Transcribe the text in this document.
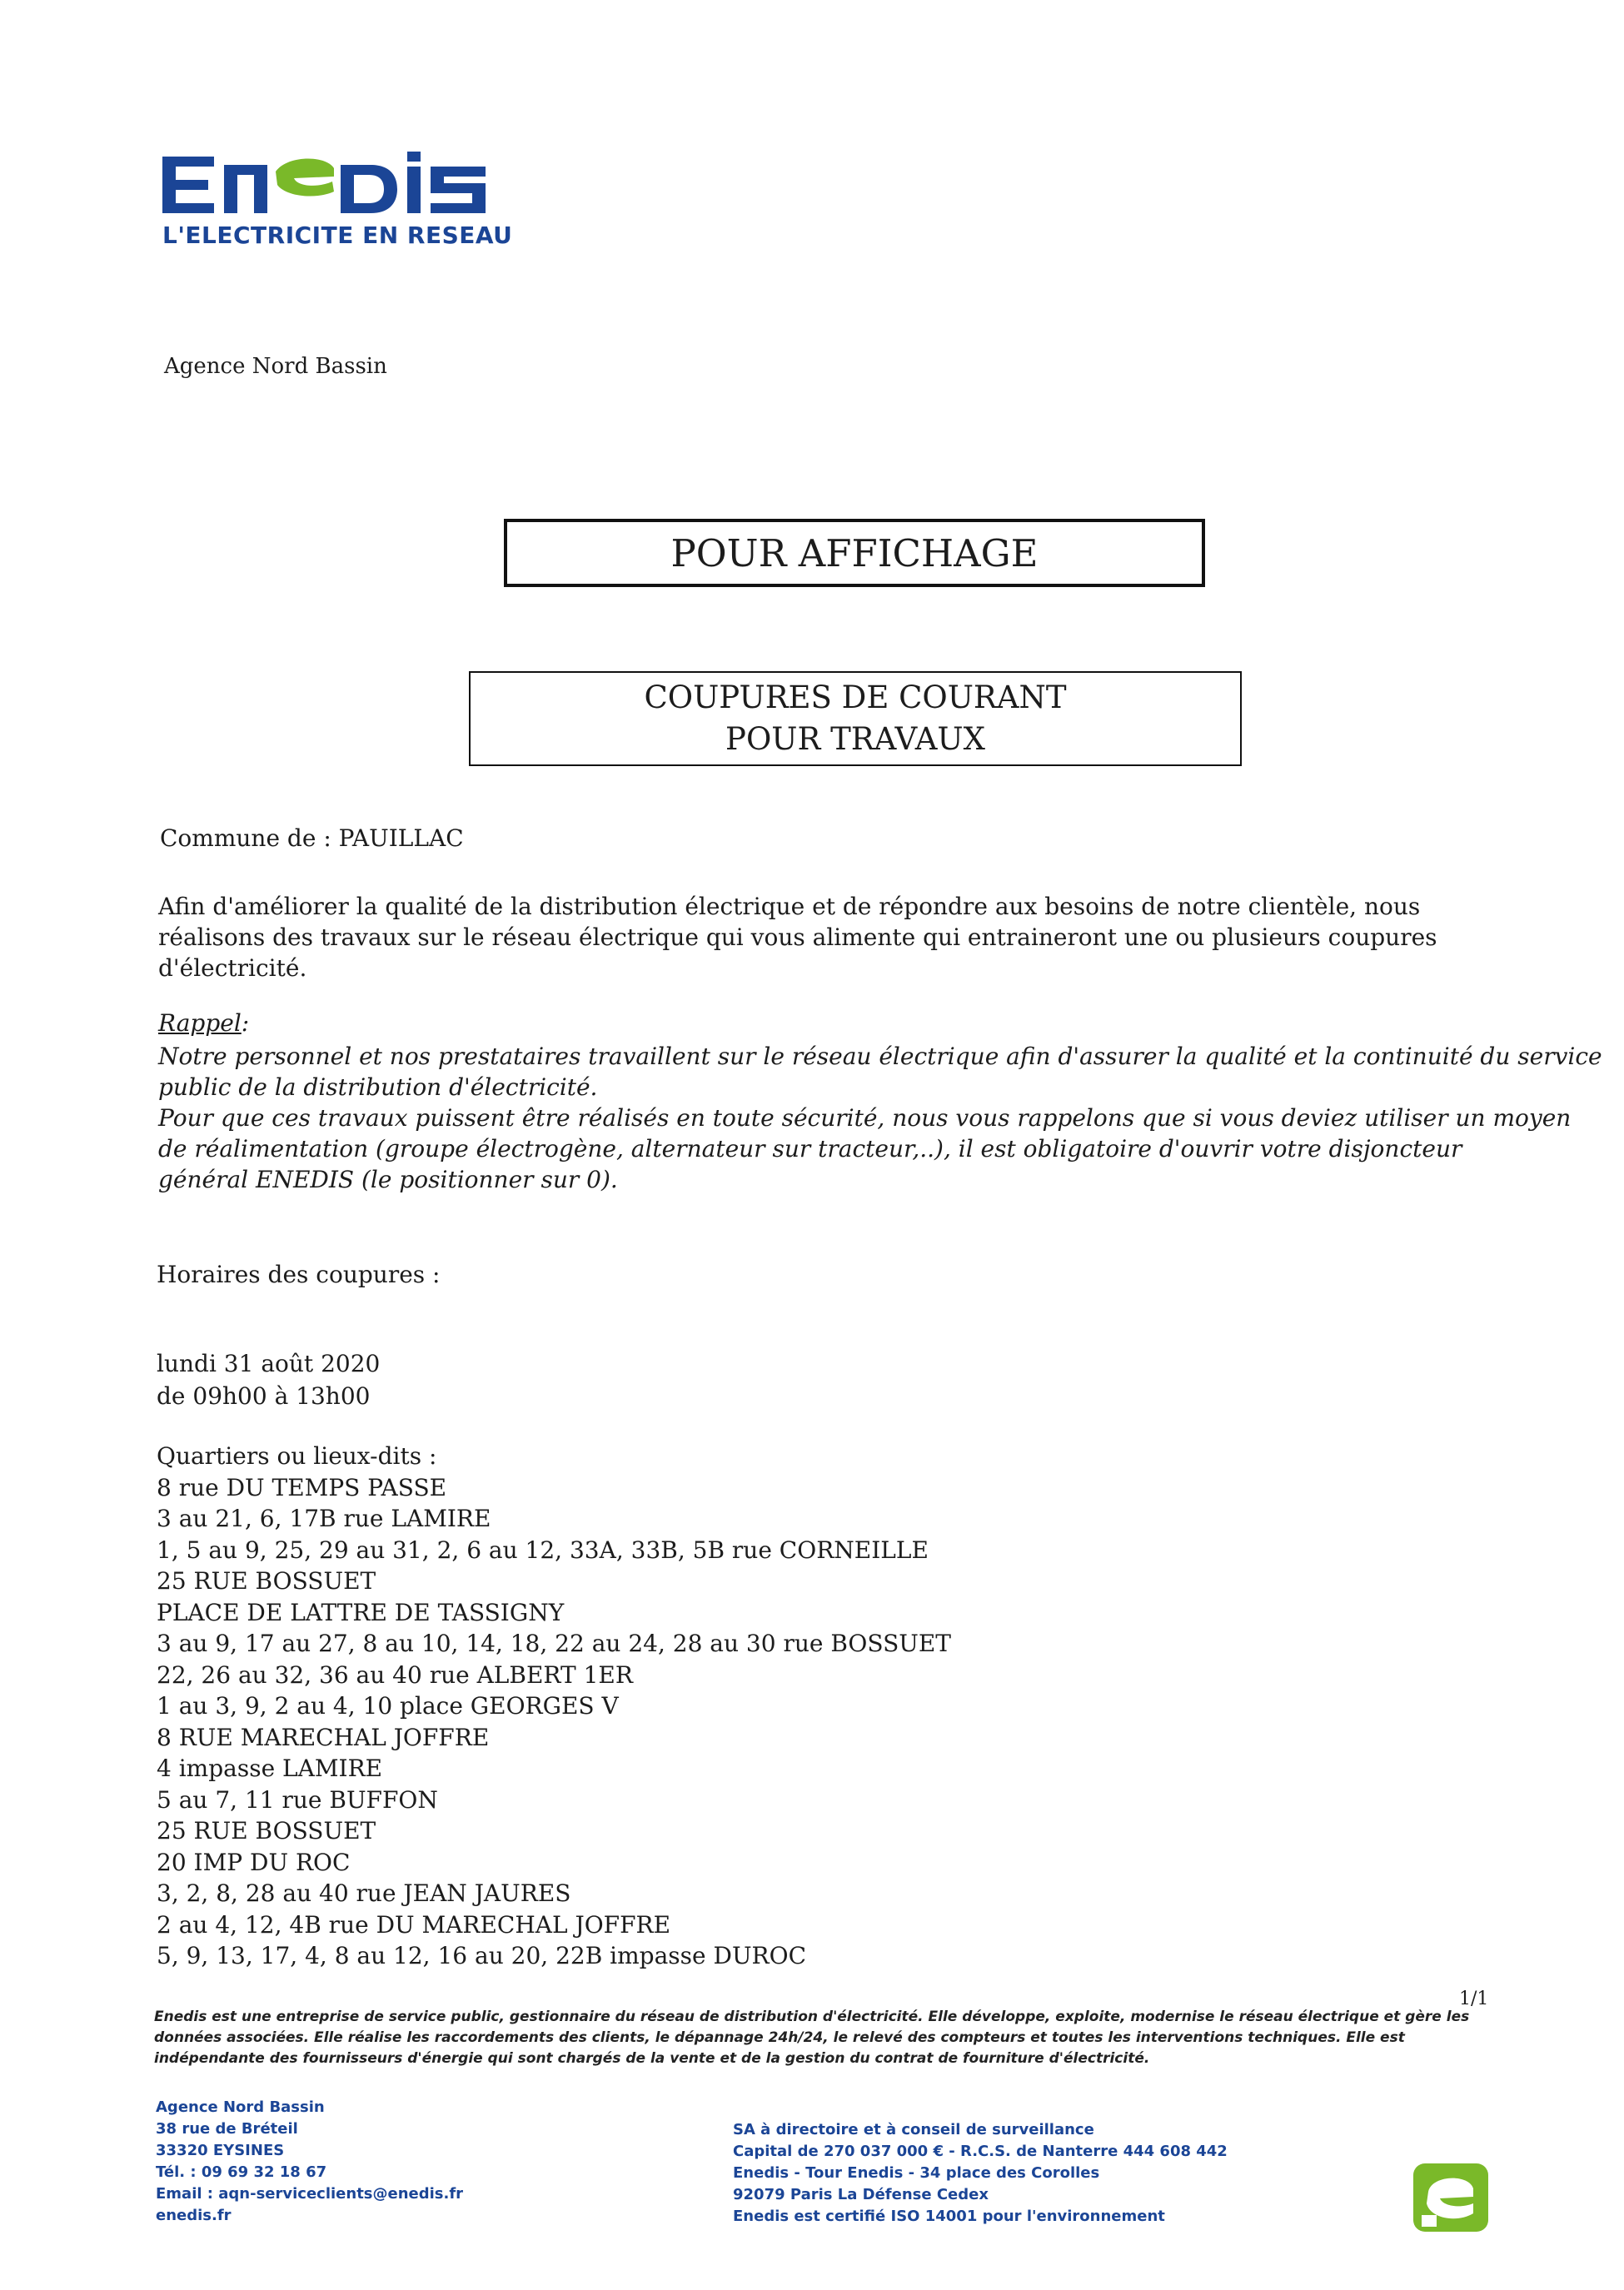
L'ELECTRICITE EN RESEAU
Agence Nord Bassin
POUR AFFICHAGE
COUPURES DE COURANT
POUR TRAVAUX
Commune de : PAUILLAC
Afin d'améliorer la qualité de la distribution électrique et de répondre aux besoins de notre clientèle, nous réalisons des travaux sur le réseau électrique qui vous alimente qui entraineront une ou plusieurs coupures d'électricité.
Rappel:
Notre personnel et nos prestataires travaillent sur le réseau électrique afin d'assurer la qualité et la continuité du service
public de la distribution d'électricité.
Pour que ces travaux puissent être réalisés en toute sécurité, nous vous rappelons que si vous deviez utiliser un moyen
de réalimentation (groupe électrogène, alternateur sur tracteur,..), il est obligatoire d'ouvrir votre disjoncteur
général ENEDIS (le positionner sur 0).
Horaires des coupures :
lundi 31 août 2020
de 09h00 à 13h00
Quartiers ou lieux-dits :
8 rue DU TEMPS PASSE
3 au 21, 6, 17B rue LAMIRE
1, 5 au 9, 25, 29 au 31, 2, 6 au 12, 33A, 33B, 5B rue CORNEILLE
25 RUE BOSSUET
PLACE DE LATTRE DE TASSIGNY
3 au 9, 17 au 27, 8 au 10, 14, 18, 22 au 24, 28 au 30 rue BOSSUET
22, 26 au 32, 36 au 40 rue ALBERT 1ER
1 au 3, 9, 2 au 4, 10 place GEORGES V
8 RUE MARECHAL JOFFRE
4 impasse LAMIRE
5 au 7, 11 rue BUFFON
25 RUE BOSSUET
20 IMP DU ROC
3, 2, 8, 28 au 40 rue JEAN JAURES
2 au 4, 12, 4B rue DU MARECHAL JOFFRE
5, 9, 13, 17, 4, 8 au 12, 16 au 20, 22B impasse DUROC
1/1
Enedis est une entreprise de service public, gestionnaire du réseau de distribution d'électricité. Elle développe, exploite, modernise le réseau électrique et gère les données associées. Elle réalise les raccordements des clients, le dépannage 24h/24, le relevé des compteurs et toutes les interventions techniques. Elle est indépendante des fournisseurs d'énergie qui sont chargés de la vente et de la gestion du contrat de fourniture d'électricité.
Agence Nord Bassin
38 rue de Bréteil
33320 EYSINES
Tél. : 09 69 32 18 67
Email : aqn-serviceclients@enedis.fr
enedis.fr
SA à directoire et à conseil de surveillance
Capital de 270 037 000 € - R.C.S. de Nanterre 444 608 442
Enedis - Tour Enedis - 34 place des Corolles
92079 Paris La Défense Cedex
Enedis est certifié ISO 14001 pour l'environnement
